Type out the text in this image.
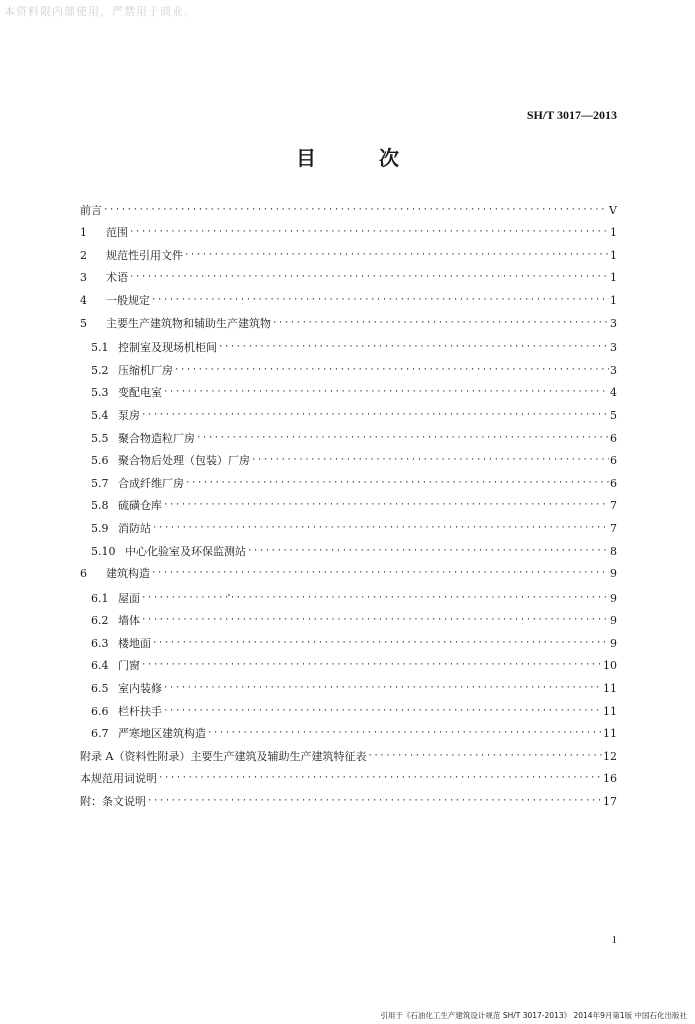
本资料限内部使用，严禁用于商业。
SH/T 3017—2013
目 次
前言 ·····	V
1	范围 ·····	1
2	规范性引用文件 ·····	1
3	术语 ·····	1
4	一般规定 ·····	1
5	主要生产建筑物和辅助生产建筑物 ·····	3
5.1 控制室及现场机柜间 ·····	3
5.2 压缩机厂房 ·····	3
5.3 变配电室 ·····	4
5.4 泵房 ·····	5
5.5 聚合物造粒厂房 ·····	6
5.6 聚合物后处理（包装）厂房 ·····	6
5.7 合成纤维厂房 ·····	6
5.8 硫磺仓库 ·····	7
5.9 消防站 ·····	7
5.10 中心化验室及环保监测站 ·····	8
6	建筑构造 ·····	9
6.1 屋面 ·····	9
6.2 墙体 ·····	9
6.3 楼地面 ·····	9
6.4 门窗 ·····	10
6.5 室内装修 ·····	11
6.6 栏杆扶手 ·····	11
6.7 严寒地区建筑构造 ·····	11
附录 A（资料性附录）主要生产建筑及辅助生产建筑特征表 ·····	12
本规范用词说明 ·····	16
附：条文说明 ·····	17
1
引用于《石油化工生产建筑设计规范 SH/T 3017-2013》 2014年9月第1版 中国石化出版社
